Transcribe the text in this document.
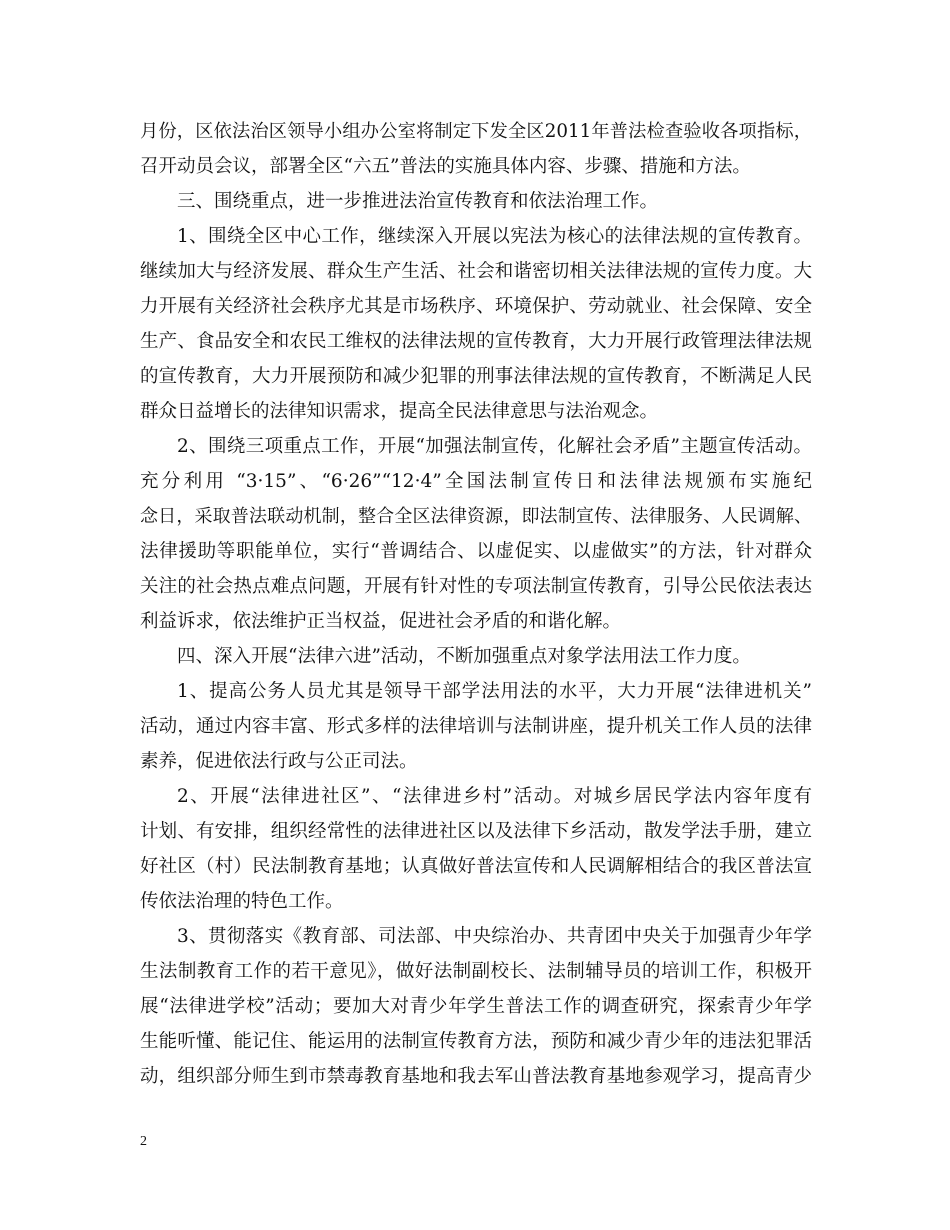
月份，区依法治区领导小组办公室将制定下发全区2011年普法检查验收各项指标，
召开动员会议，部署全区“六五”普法的实施具体内容、步骤、措施和方法。
三、围绕重点，进一步推进法治宣传教育和依法治理工作。
1、围绕全区中心工作，继续深入开展以宪法为核心的法律法规的宣传教育。
继续加大与经济发展、群众生产生活、社会和谐密切相关法律法规的宣传力度。大
力开展有关经济社会秩序尤其是市场秩序、环境保护、劳动就业、社会保障、安全
生产、食品安全和农民工维权的法律法规的宣传教育，大力开展行政管理法律法规
的宣传教育，大力开展预防和减少犯罪的刑事法律法规的宣传教育，不断满足人民
群众日益增长的法律知识需求，提高全民法律意思与法治观念。
2、围绕三项重点工作，开展“加强法制宣传，化解社会矛盾”主题宣传活动。
充分利用 “3·15”、“6·26”“12·4”全国法制宣传日和法律法规颁布实施纪
念日，采取普法联动机制，整合全区法律资源，即法制宣传、法律服务、人民调解、
法律援助等职能单位，实行“普调结合、以虚促实、以虚做实”的方法，针对群众
关注的社会热点难点问题，开展有针对性的专项法制宣传教育，引导公民依法表达
利益诉求，依法维护正当权益，促进社会矛盾的和谐化解。
四、深入开展“法律六进”活动，不断加强重点对象学法用法工作力度。
1、提高公务人员尤其是领导干部学法用法的水平，大力开展“法律进机关”
活动，通过内容丰富、形式多样的法律培训与法制讲座，提升机关工作人员的法律
素养，促进依法行政与公正司法。
2、开展“法律进社区”、“法律进乡村”活动。对城乡居民学法内容年度有
计划、有安排，组织经常性的法律进社区以及法律下乡活动，散发学法手册，建立
好社区（村）民法制教育基地；认真做好普法宣传和人民调解相结合的我区普法宣
传依法治理的特色工作。
3、贯彻落实《教育部、司法部、中央综治办、共青团中央关于加强青少年学
生法制教育工作的若干意见》，做好法制副校长、法制辅导员的培训工作，积极开
展“法律进学校”活动；要加大对青少年学生普法工作的调查研究，探索青少年学
生能听懂、能记住、能运用的法制宣传教育方法，预防和减少青少年的违法犯罪活
动，组织部分师生到市禁毒教育基地和我去军山普法教育基地参观学习，提高青少
2
